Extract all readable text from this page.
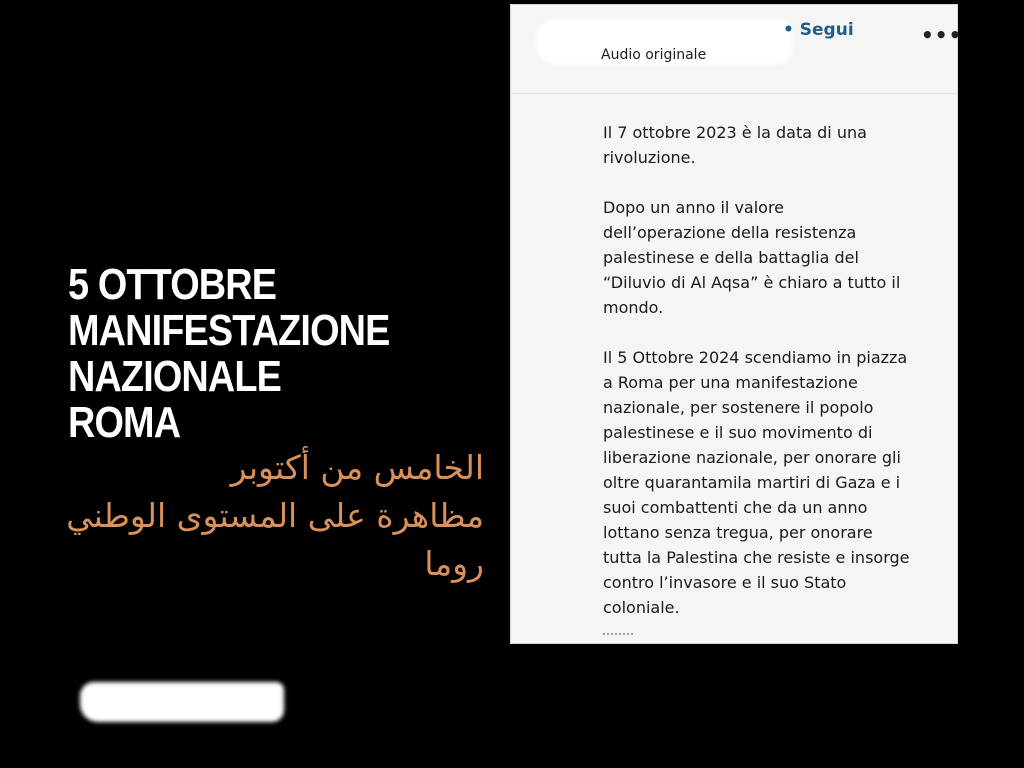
5 OTTOBRE
MANIFESTAZIONE
NAZIONALE
ROMA
الخامس من أكتوبر
مظاهرة على المستوى الوطني
روما
• Segui
Audio originale
•••

Il 7 ottobre 2023 è la data di una
rivoluzione.

Dopo un anno il valore
dell’operazione della resistenza
palestinese e della battaglia del
“Diluvio di Al Aqsa” è chiaro a tutto il
mondo.

Il 5 Ottobre 2024 scendiamo in piazza
a Roma per una manifestazione
nazionale, per sostenere il popolo
palestinese e il suo movimento di
liberazione nazionale, per onorare gli
oltre quarantamila martiri di Gaza e i
suoi combattenti che da un anno
lottano senza tregua, per onorare
tutta la Palestina che resiste e insorge
contro l’invasore e il suo Stato
coloniale.
